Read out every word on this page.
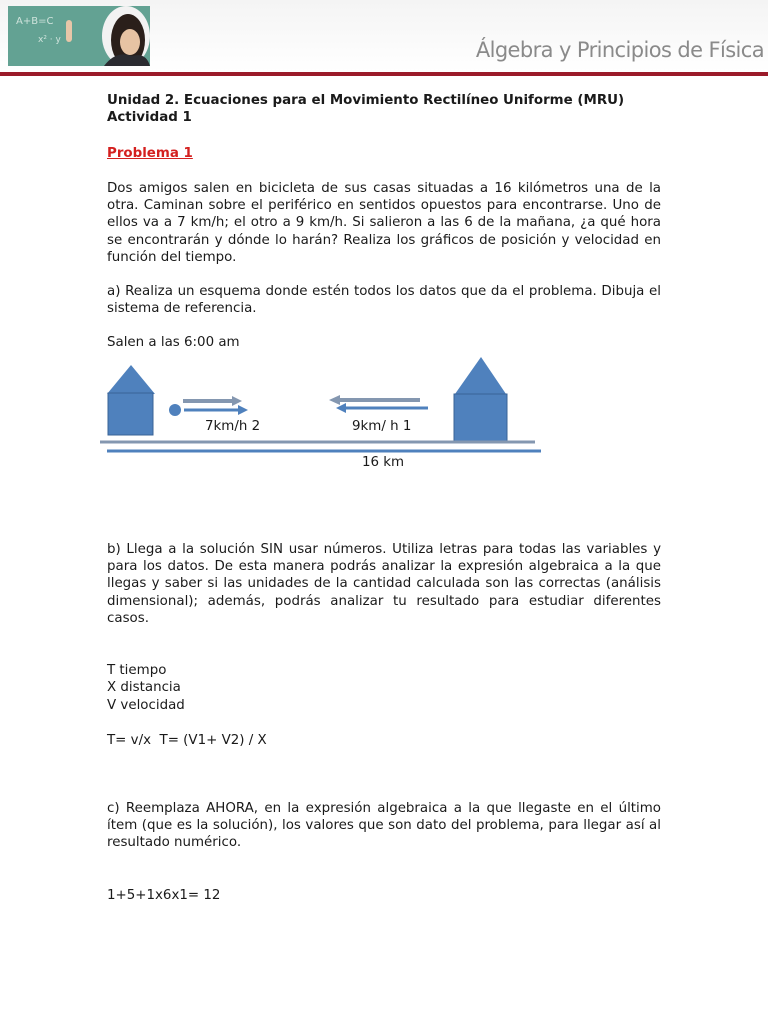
A+B=C
x² · y	Álgebra y Principios de Física

Unidad 2. Ecuaciones para el Movimiento Rectilíneo Uniforme (MRU)

Actividad 1

Problema 1

Dos amigos salen en bicicleta de sus casas situadas a 16 kilómetros una de la otra. Caminan sobre el periférico en sentidos opuestos para encontrarse. Uno de ellos va a 7 km/h; el otro a 9 km/h. Si salieron a las 6 de la mañana, ¿a qué hora se encontrarán y dónde lo harán? Realiza los gráficos de posición y velocidad en función del tiempo.

a) Realiza un esquema donde estén todos los datos que da el problema. Dibuja el sistema de referencia.

Salen a las 6:00 am

7km/h 2	9km/ h 1
16 km

b) Llega a la solución SIN usar números. Utiliza letras para todas las variables y para los datos. De esta manera podrás analizar la expresión algebraica a la que llegas y saber si las unidades de la cantidad calculada son las correctas (análisis dimensional); además, podrás analizar tu resultado para estudiar diferentes casos.

T tiempo

X distancia

V velocidad

T= v/x  T= (V1+ V2) / X

c) Reemplaza AHORA, en la expresión algebraica a la que llegaste en el último ítem (que es la solución), los valores que son dato del problema, para llegar así al resultado numérico.

1+5+1x6x1= 12
